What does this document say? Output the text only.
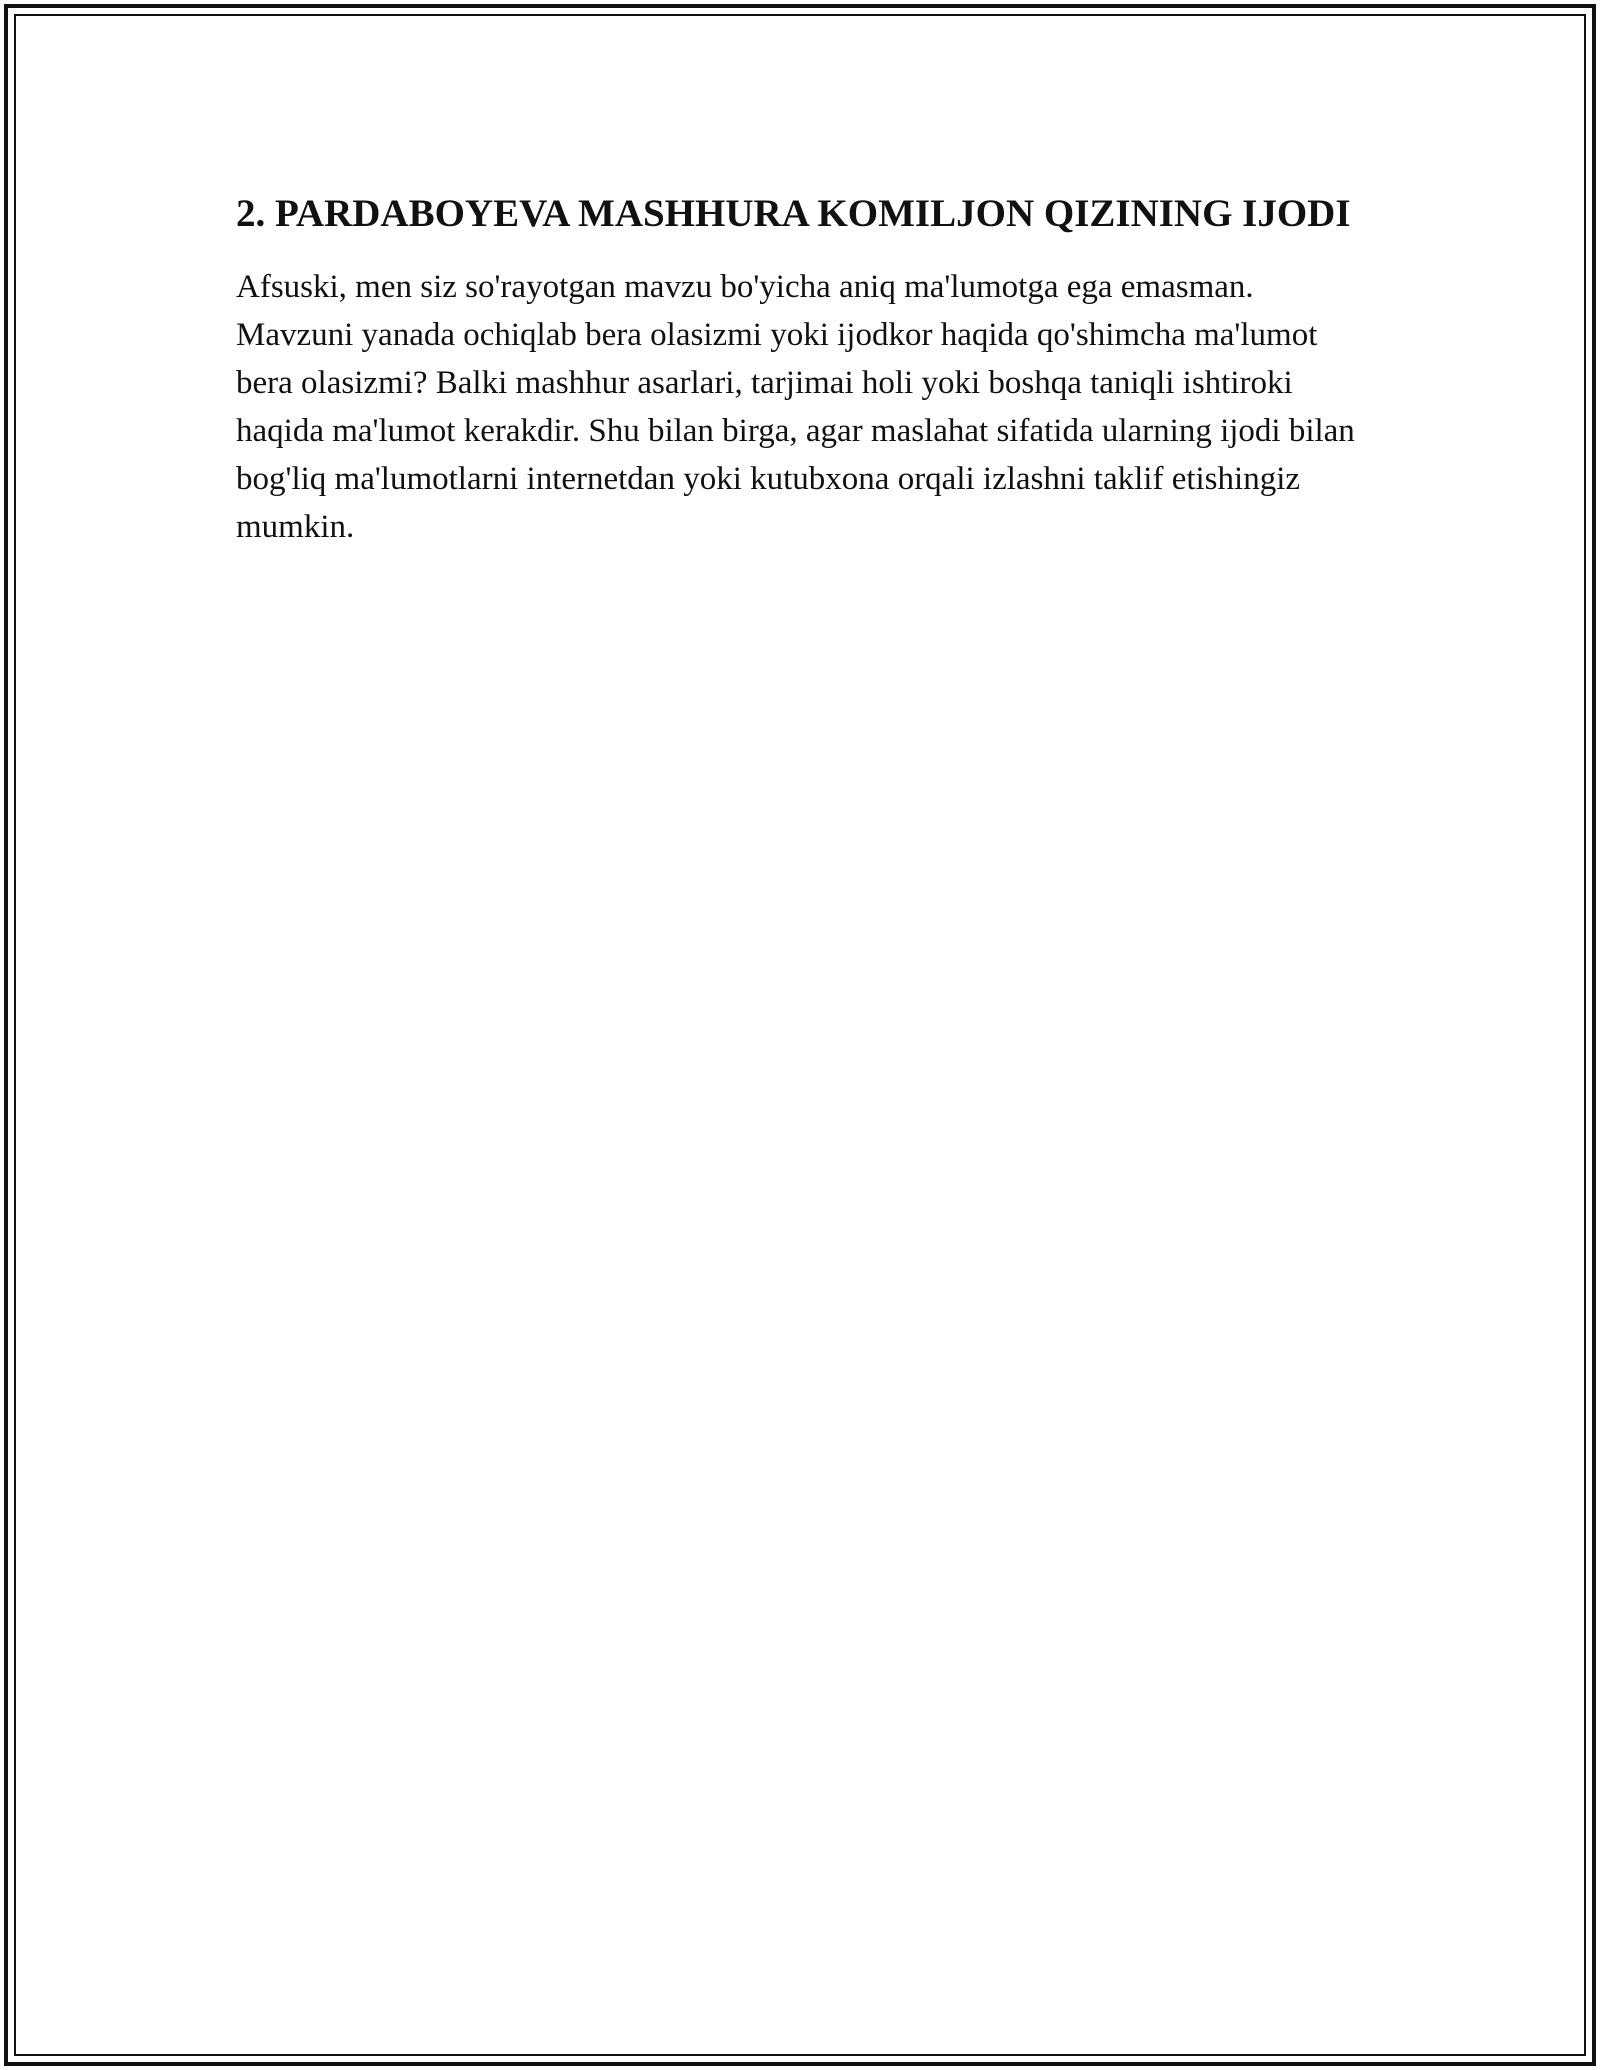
2. PARDABOYEVA MASHHURA KOMILJON QIZINING IJODI

Afsuski, men siz so'rayotgan mavzu bo'yicha aniq ma'lumotga ega emasman. Mavzuni yanada ochiqlab bera olasizmi yoki ijodkor haqida qo'shimcha ma'lumot bera olasizmi? Balki mashhur asarlari, tarjimai holi yoki boshqa taniqli ishtiroki haqida ma'lumot kerakdir. Shu bilan birga, agar maslahat sifatida ularning ijodi bilan bog'liq ma'lumotlarni internetdan yoki kutubxona orqali izlashni taklif etishingiz mumkin.
